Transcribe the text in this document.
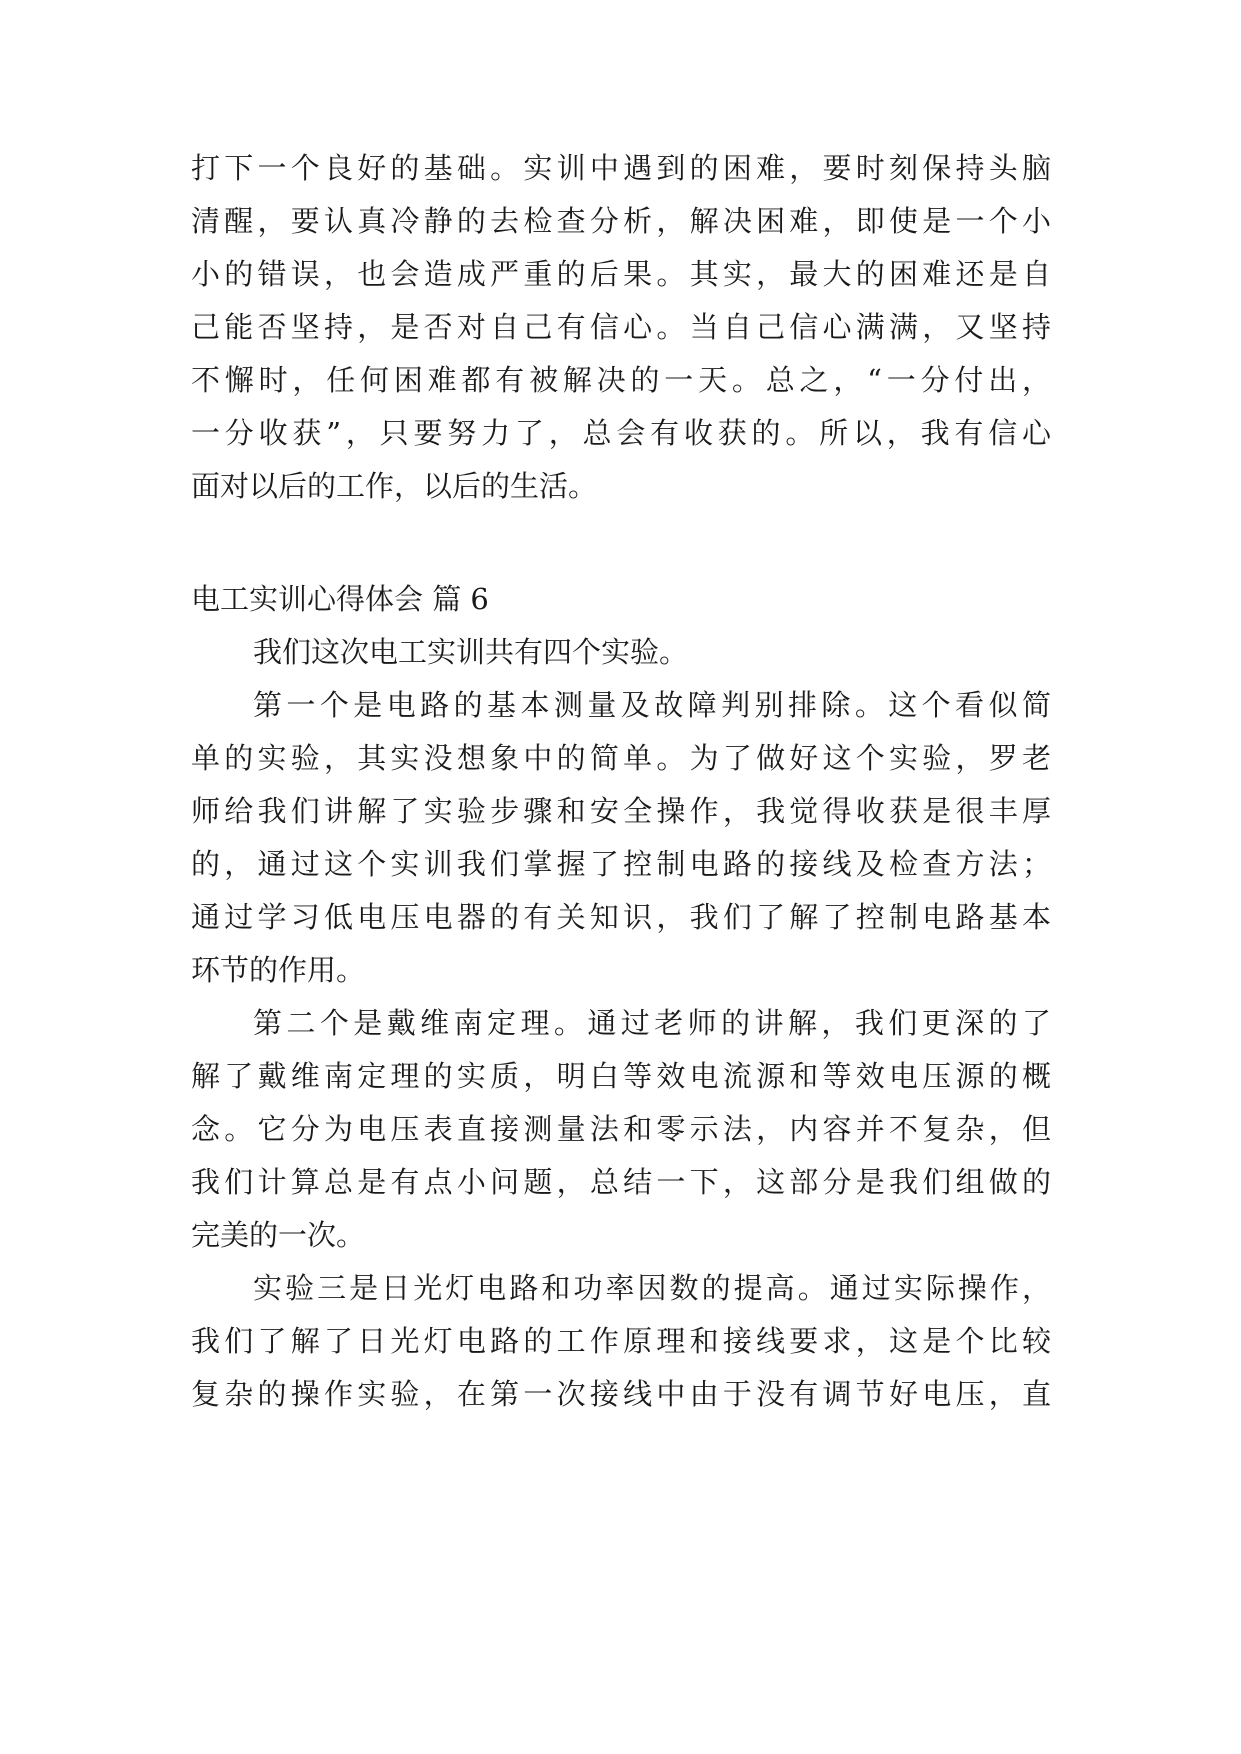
打下一个良好的基础。实训中遇到的困难，要时刻保持头脑
清醒，要认真冷静的去检查分析，解决困难，即使是一个小
小的错误，也会造成严重的后果。其实，最大的困难还是自
己能否坚持，是否对自己有信心。当自己信心满满，又坚持
不懈时，任何困难都有被解决的一天。总之，“一分付出，
一分收获”，只要努力了，总会有收获的。所以，我有信心
面对以后的工作，以后的生活。
电工实训心得体会 篇 6
我们这次电工实训共有四个实验。
第一个是电路的基本测量及故障判别排除。这个看似简
单的实验，其实没想象中的简单。为了做好这个实验，罗老
师给我们讲解了实验步骤和安全操作，我觉得收获是很丰厚
的，通过这个实训我们掌握了控制电路的接线及检查方法；
通过学习低电压电器的有关知识，我们了解了控制电路基本
环节的作用。
第二个是戴维南定理。通过老师的讲解，我们更深的了
解了戴维南定理的实质，明白等效电流源和等效电压源的概
念。它分为电压表直接测量法和零示法，内容并不复杂，但
我们计算总是有点小问题，总结一下，这部分是我们组做的
完美的一次。
实验三是日光灯电路和功率因数的提高。通过实际操作，
我们了解了日光灯电路的工作原理和接线要求，这是个比较
复杂的操作实验，在第一次接线中由于没有调节好电压，直
